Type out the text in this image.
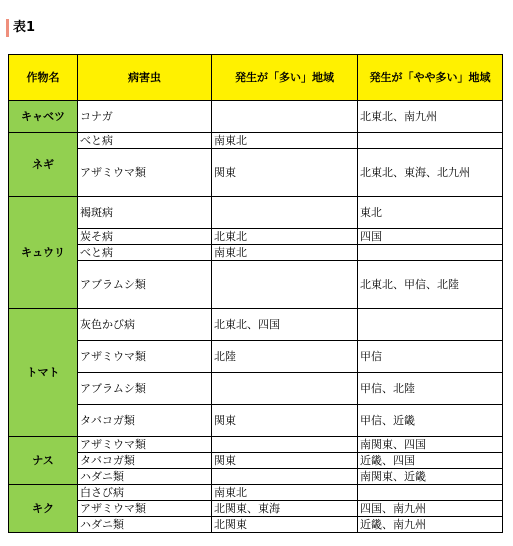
表1
作物名	病害虫	発生が「多い」地域	発生が「やや多い」地域
キャベツ	コナガ		北東北、南九州
ネギ	べと病	南東北	
	アザミウマ類	関東	北東北、東海、北九州
キュウリ	褐斑病		東北
	炭そ病	北東北	四国
	べと病	南東北	
	アブラムシ類		北東北、甲信、北陸
トマト	灰色かび病	北東北、四国	
	アザミウマ類	北陸	甲信
	アブラムシ類		甲信、北陸
	タバコガ類	関東	甲信、近畿
ナス	アザミウマ類		南関東、四国
	タバコガ類	関東	近畿、四国
	ハダニ類		南関東、近畿
キク	白さび病	南東北	
	アザミウマ類	北関東、東海	四国、南九州
	ハダニ類	北関東	近畿、南九州
